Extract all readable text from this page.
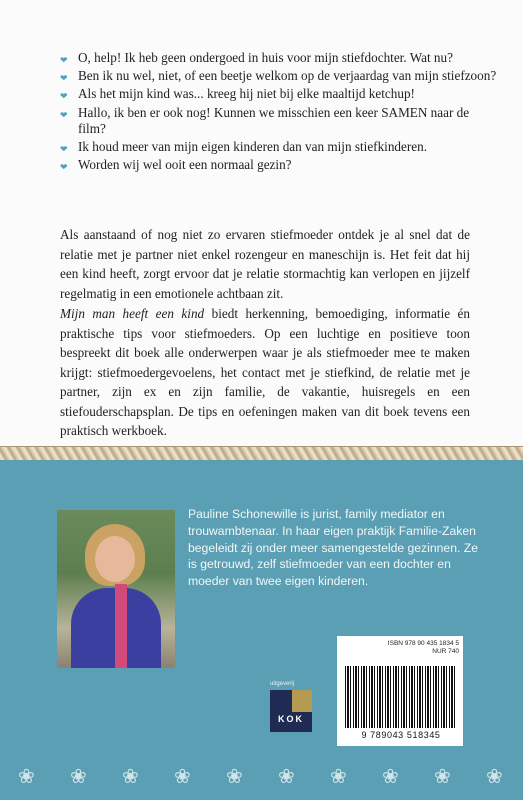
❤ O, help! Ik heb geen ondergoed in huis voor mijn stiefdochter. Wat nu?
❤ Ben ik nu wel, niet, of een beetje welkom op de verjaardag van mijn stiefzoon?
❤ Als het mijn kind was... kreeg hij niet bij elke maaltijd ketchup!
❤ Hallo, ik ben er ook nog! Kunnen we misschien een keer SAMEN naar de film?
❤ Ik houd meer van mijn eigen kinderen dan van mijn stiefkinderen.
❤ Worden wij wel ooit een normaal gezin?

Als aanstaand of nog niet zo ervaren stiefmoeder ontdek je al snel dat de relatie met je partner niet enkel rozengeur en maneschijn is. Het feit dat hij een kind heeft, zorgt ervoor dat je relatie stormachtig kan verlopen en jijzelf regelmatig in een emotionele achtbaan zit.

Mijn man heeft een kind biedt herkenning, bemoediging, informatie én praktische tips voor stiefmoeders. Op een luchtige en positieve toon bespreekt dit boek alle onderwerpen waar je als stiefmoeder mee te maken krijgt: stiefmoedergevoelens, het contact met je stiefkind, de relatie met je partner, zijn ex en zijn familie, de vakantie, huisregels en een stiefouderschapsplan. De tips en oefeningen maken van dit boek tevens een praktisch werkboek.

Pauline Schonewille is jurist, family mediator en trouwambtenaar. In haar eigen praktijk Familie-Zaken begeleidt zij onder meer samengestelde gezinnen. Ze is getrouwd, zelf stiefmoeder van een dochter en moeder van twee eigen kinderen.

uitgeverij
KOK
ISBN 978 90 435 1834 5
NUR 740
9 789043 518345
❀ ❀ ❀ ❀ ❀ ❀ ❀ ❀ ❀ ❀
